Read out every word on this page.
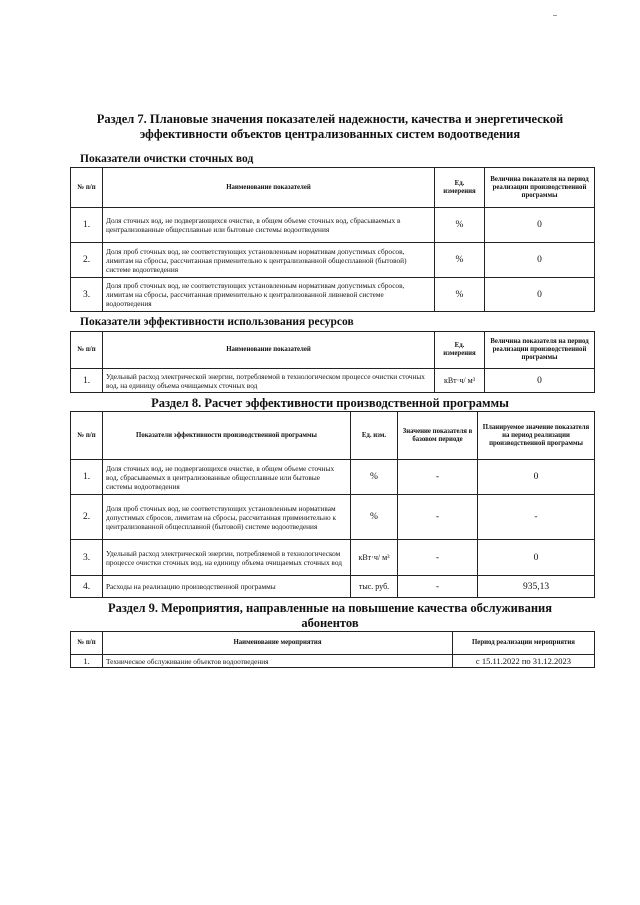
Раздел 7. Плановые значения показателей надежности, качества и энергетической
эффективности объектов централизованных систем водоотведения
Показатели очистки сточных вод
№ п/п	Наименование показателей	Ед. измерения	Величина показателя на период реализации производственной программы
1.	Доля сточных вод, не подвергающихся очистке, в общем объеме сточных вод, сбрасываемых в централизованные общесплавные или бытовые системы водоотведения	%	0
2.	Доля проб сточных вод, не соответствующих установленным нормативам допустимых сбросов, лимитам на сбросы, рассчитанная применительно к централизованной общесплавной (бытовой) системе водоотведения	%	0
3.	Доля проб сточных вод, не соответствующих установленным нормативам допустимых сбросов, лимитам на сбросы, рассчитанная применительно к централизованной ливневой системе водоотведения	%	0
Показатели эффективности использования ресурсов
№ п/п	Наименование показателей	Ед. измерения	Величина показателя на период реализации производственной программы
1.	Удельный расход электрической энергии, потребляемой в технологическом процессе очистки сточных вод, на единицу объема очищаемых сточных вод	кВт·ч/ м³	0
Раздел 8. Расчет эффективности производственной программы
№ п/п	Показатели эффективности производственной программы	Ед. изм.	Значение показателя в базовом периоде	Планируемое значение показателя на период реализации производственной программы
1.	Доля сточных вод, не подвергающихся очистке, в общем объеме сточных вод, сбрасываемых в централизованные общесплавные или бытовые системы водоотведения	%	-	0
2.	Доля проб сточных вод, не соответствующих установленным нормативам допустимых сбросов, лимитам на сбросы, рассчитанная применительно к централизованной общесплавной (бытовой) системе водоотведения	%	-	-
3.	Удельный расход электрической энергии, потребляемой в технологическом процессе очистки сточных вод, на единицу объема очищаемых сточных вод	кВт·ч/ м³	-	0
4.	Расходы на реализацию производственной программы	тыс. руб.	-	935,13
Раздел 9. Мероприятия, направленные на повышение качества обслуживания
абонентов
№ п/п	Наименование мероприятия	Период реализации мероприятия
1.	Техническое обслуживание объектов водоотведения	с 15.11.2022 по 31.12.2023
